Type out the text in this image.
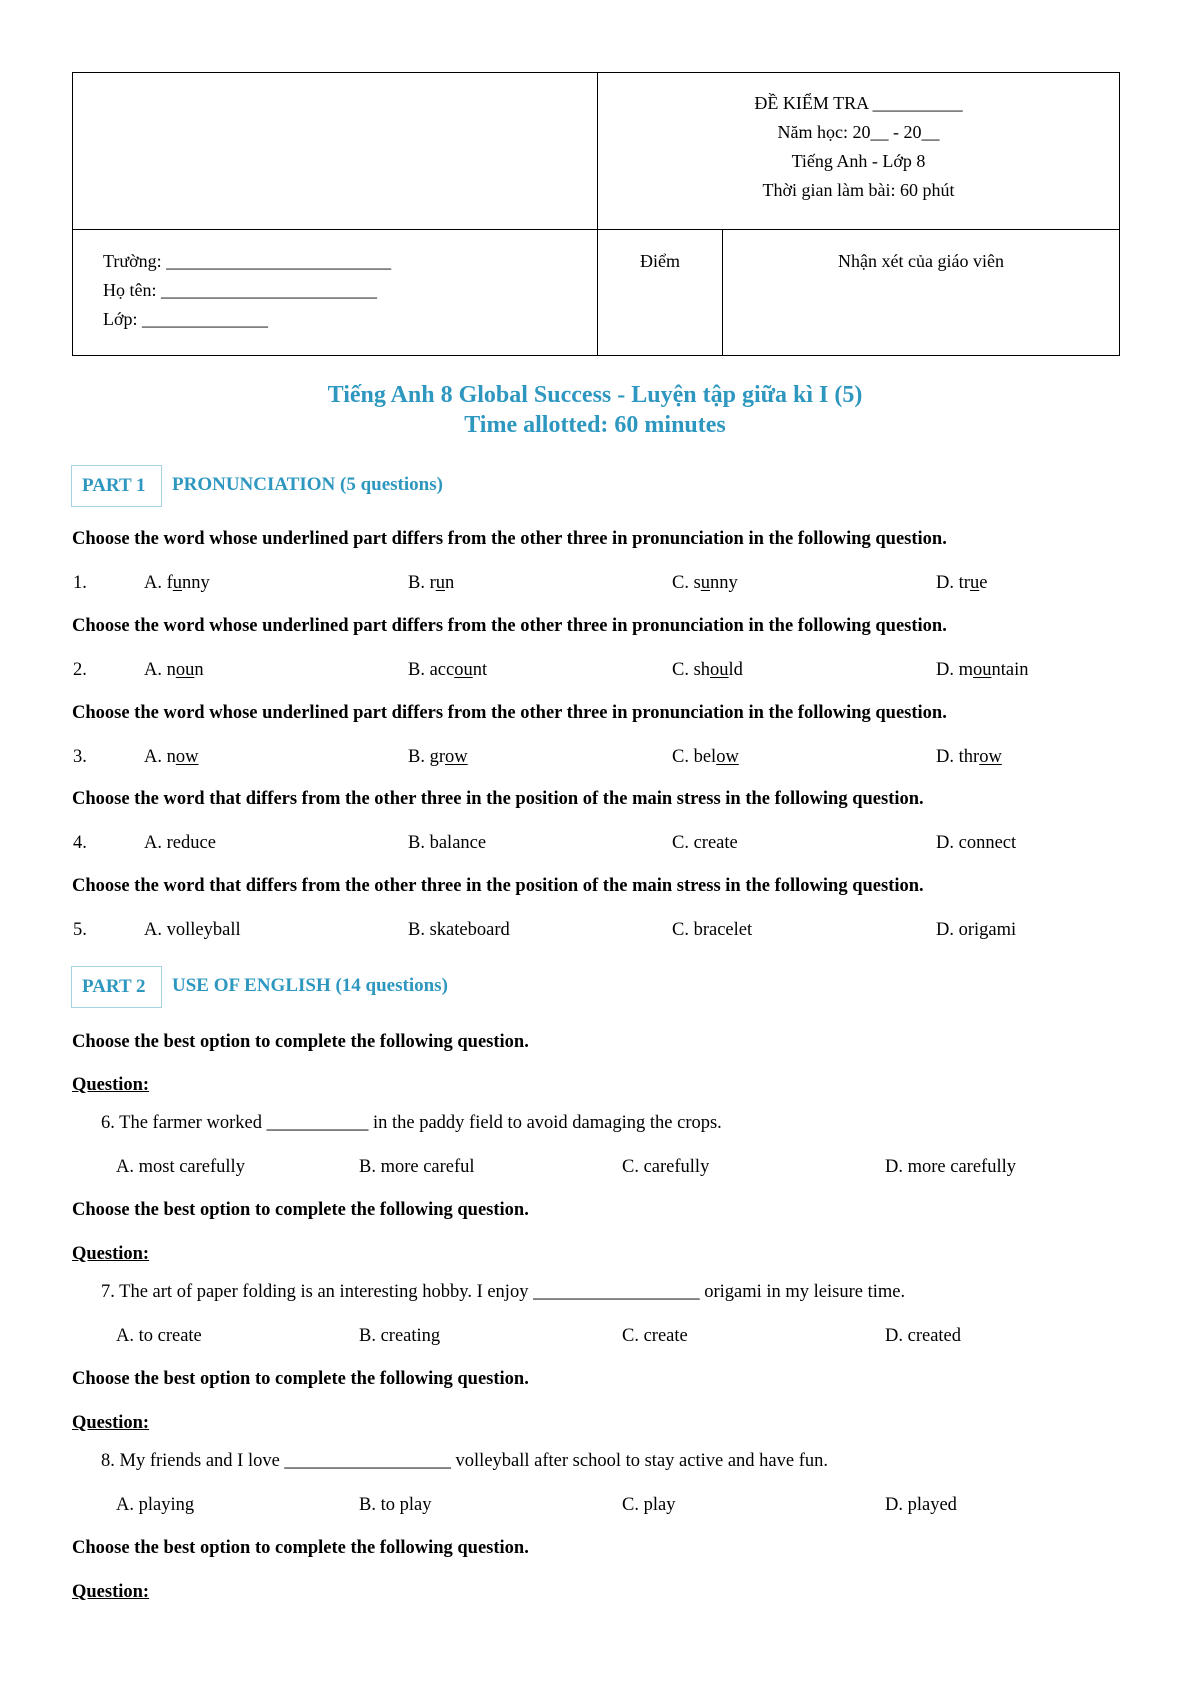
ĐỀ KIỂM TRA __________
Năm học: 20__ - 20__
Tiếng Anh - Lớp 8
Thời gian làm bài: 60 phút
Trường: _________________________
Họ tên: ________________________
Lớp: ______________
Điểm	Nhận xét của giáo viên
Tiếng Anh 8 Global Success - Luyện tập giữa kì I (5)
Time allotted: 60 minutes
PART 1	PRONUNCIATION (5 questions)
Choose the word whose underlined part differs from the other three in pronunciation in the following question.
Choose the word whose underlined part differs from the other three in pronunciation in the following question.
Choose the word whose underlined part differs from the other three in pronunciation in the following question.
Choose the word that differs from the other three in the position of the main stress in the following question.
Choose the word that differs from the other three in the position of the main stress in the following question.
1.	A. funny	B. run	C. sunny	D. true
2.	A. noun	B. account	C. should	D. mountain
3.	A. now	B. grow	C. below	D. throw
4.	A. reduce	B. balance	C. create	D. connect
5.	A. volleyball	B. skateboard	C. bracelet	D. origami
PART 2	USE OF ENGLISH (14 questions)
Choose the best option to complete the following question.
Question:
6. The farmer worked ___________ in the paddy field to avoid damaging the crops.
A. most carefully	B. more careful	C. carefully	D. more carefully
Choose the best option to complete the following question.
Question:
7. The art of paper folding is an interesting hobby. I enjoy __________________ origami in my leisure time.
A. to create	B. creating	C. create	D. created
Choose the best option to complete the following question.
Question:
8. My friends and I love __________________ volleyball after school to stay active and have fun.
A. playing	B. to play	C. play	D. played
Choose the best option to complete the following question.
Question:
